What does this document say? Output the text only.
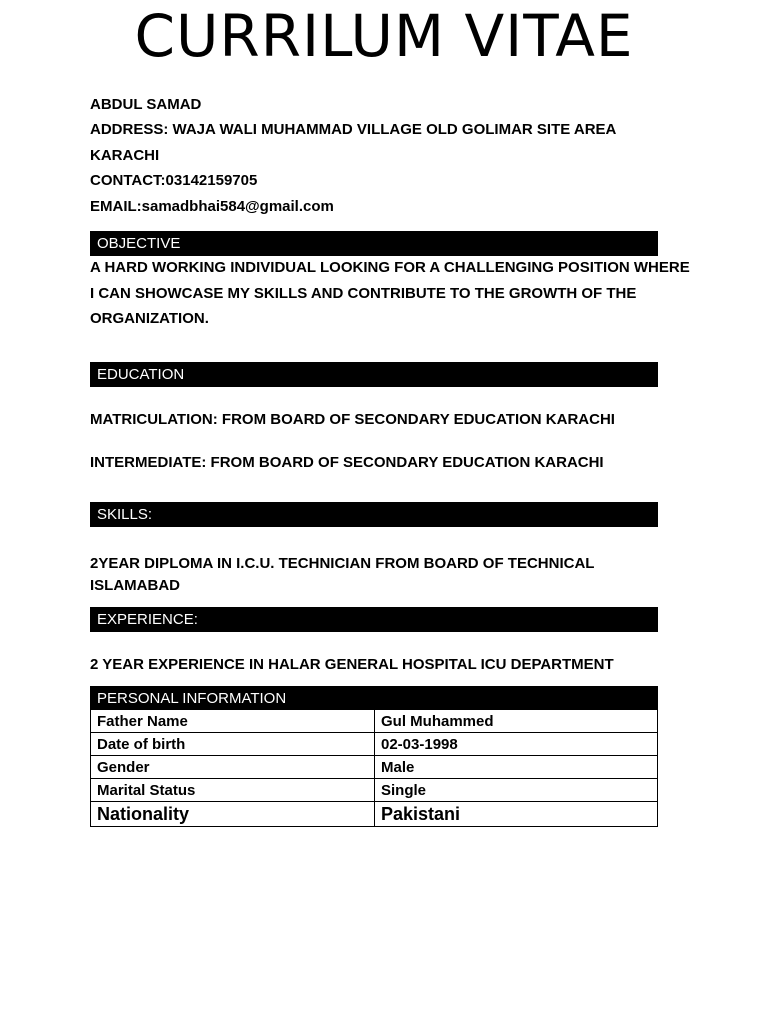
CURRILUM VITAE
ABDUL SAMAD
ADDRESS: WAJA WALI MUHAMMAD VILLAGE OLD GOLIMAR SITE AREA
KARACHI
CONTACT:03142159705
EMAIL:samadbhai584@gmail.com
OBJECTIVE
A HARD WORKING INDIVIDUAL LOOKING FOR A CHALLENGING POSITION WHERE I CAN SHOWCASE MY SKILLS AND CONTRIBUTE TO THE GROWTH OF THE ORGANIZATION.
EDUCATION
MATRICULATION: FROM BOARD OF SECONDARY EDUCATION KARACHI
INTERMEDIATE: FROM BOARD OF SECONDARY EDUCATION KARACHI
SKILLS:
2YEAR DIPLOMA IN I.C.U. TECHNICIAN FROM BOARD OF TECHNICAL ISLAMABAD
EXPERIENCE:
2 YEAR EXPERIENCE IN HALAR GENERAL HOSPITAL ICU DEPARTMENT
PERSONAL INFORMATION	
Father Name	Gul Muhammed
Date of birth	02-03-1998
Gender	Male
Marital Status	Single
Nationality	Pakistani
